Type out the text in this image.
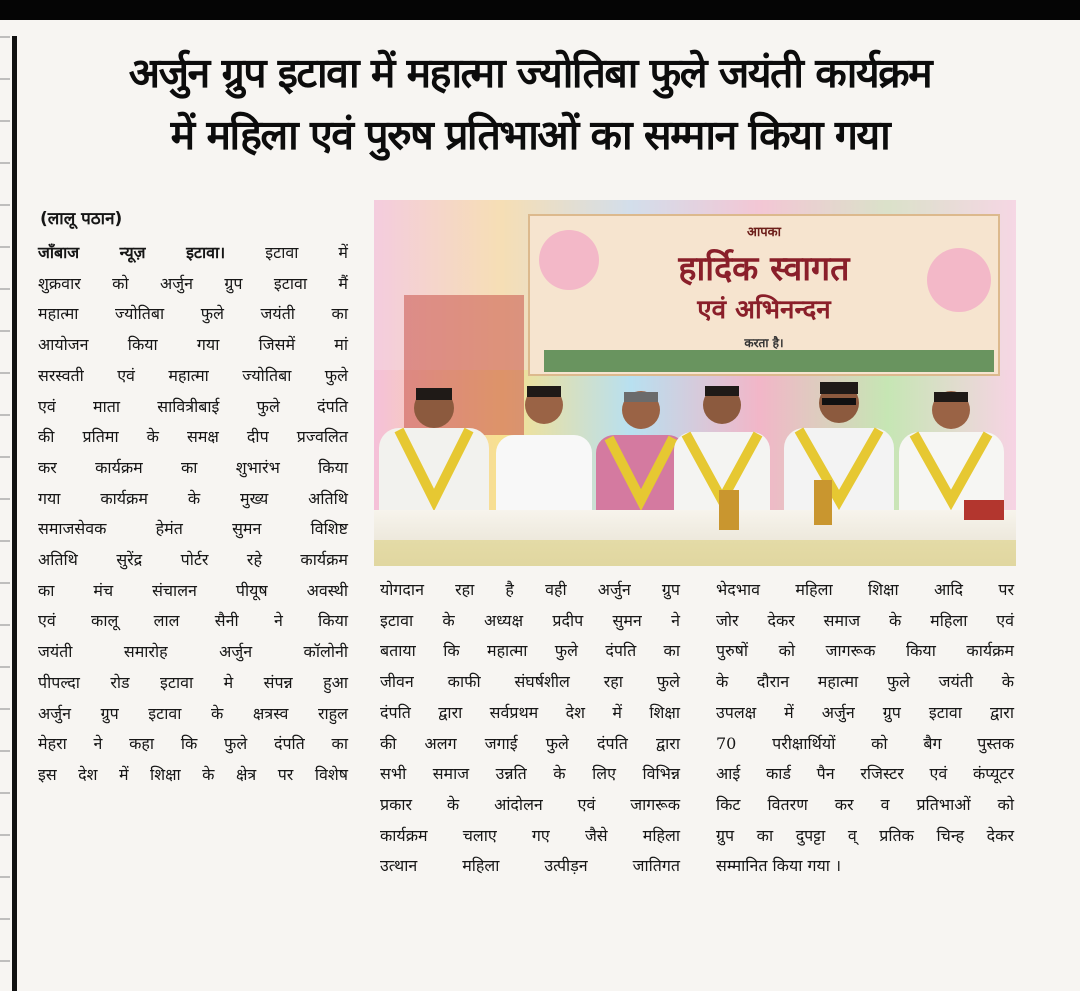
अर्जुन ग्रुप इटावा में महात्मा ज्योतिबा फुले जयंती कार्यक्रम
में महिला एवं पुरुष प्रतिभाओं का सम्मान किया गया
(लालू पठान)
जाँबाज न्यूज़ इटावा। इटावा में
शुक्रवार को अर्जुन ग्रुप इटावा मैं
महात्मा ज्योतिबा फुले जयंती का
आयोजन किया गया जिसमें मां
सरस्वती एवं महात्मा ज्योतिबा फुले
एवं माता सावित्रीबाई फुले दंपति
की प्रतिमा के समक्ष दीप प्रज्वलित
कर कार्यक्रम का शुभारंभ किया
गया कार्यक्रम के मुख्य अतिथि
समाजसेवक हेमंत सुमन विशिष्ट
अतिथि सुरेंद्र पोर्टर रहे कार्यक्रम
का मंच संचालन पीयूष अवस्थी
एवं कालू लाल सैनी ने किया
जयंती समारोह अर्जुन कॉलोनी
पीपल्दा रोड इटावा मे संपन्न हुआ
अर्जुन ग्रुप इटावा के क्षत्रस्व राहुल
मेहरा ने कहा कि फुले दंपति का
इस देश में शिक्षा के क्षेत्र पर विशेष
आपका
हार्दिक स्वागत
एवं अभिनन्दन
करता है।
योगदान रहा है वही अर्जुन ग्रुप
इटावा के अध्यक्ष प्रदीप सुमन ने
बताया कि महात्मा फुले दंपति का
जीवन काफी संघर्षशील रहा फुले
दंपति द्वारा सर्वप्रथम देश में शिक्षा
की अलग जगाई फुले दंपति द्वारा
सभी समाज उन्नति के लिए विभिन्न
प्रकार के आंदोलन एवं जागरूक
कार्यक्रम चलाए गए जैसे महिला
उत्थान महिला उत्पीड़न जातिगत
भेदभाव महिला शिक्षा आदि पर
जोर देकर समाज के महिला एवं
पुरुषों को जागरूक किया कार्यक्रम
के दौरान महात्मा फुले जयंती के
उपलक्ष में अर्जुन ग्रुप इटावा द्वारा
70 परीक्षार्थियों को बैग पुस्तक
आई कार्ड पैन रजिस्टर एवं कंप्यूटर
किट वितरण कर व प्रतिभाओं को
ग्रुप का दुपट्टा व् प्रतिक चिन्ह देकर
सम्मानित किया गया ।
